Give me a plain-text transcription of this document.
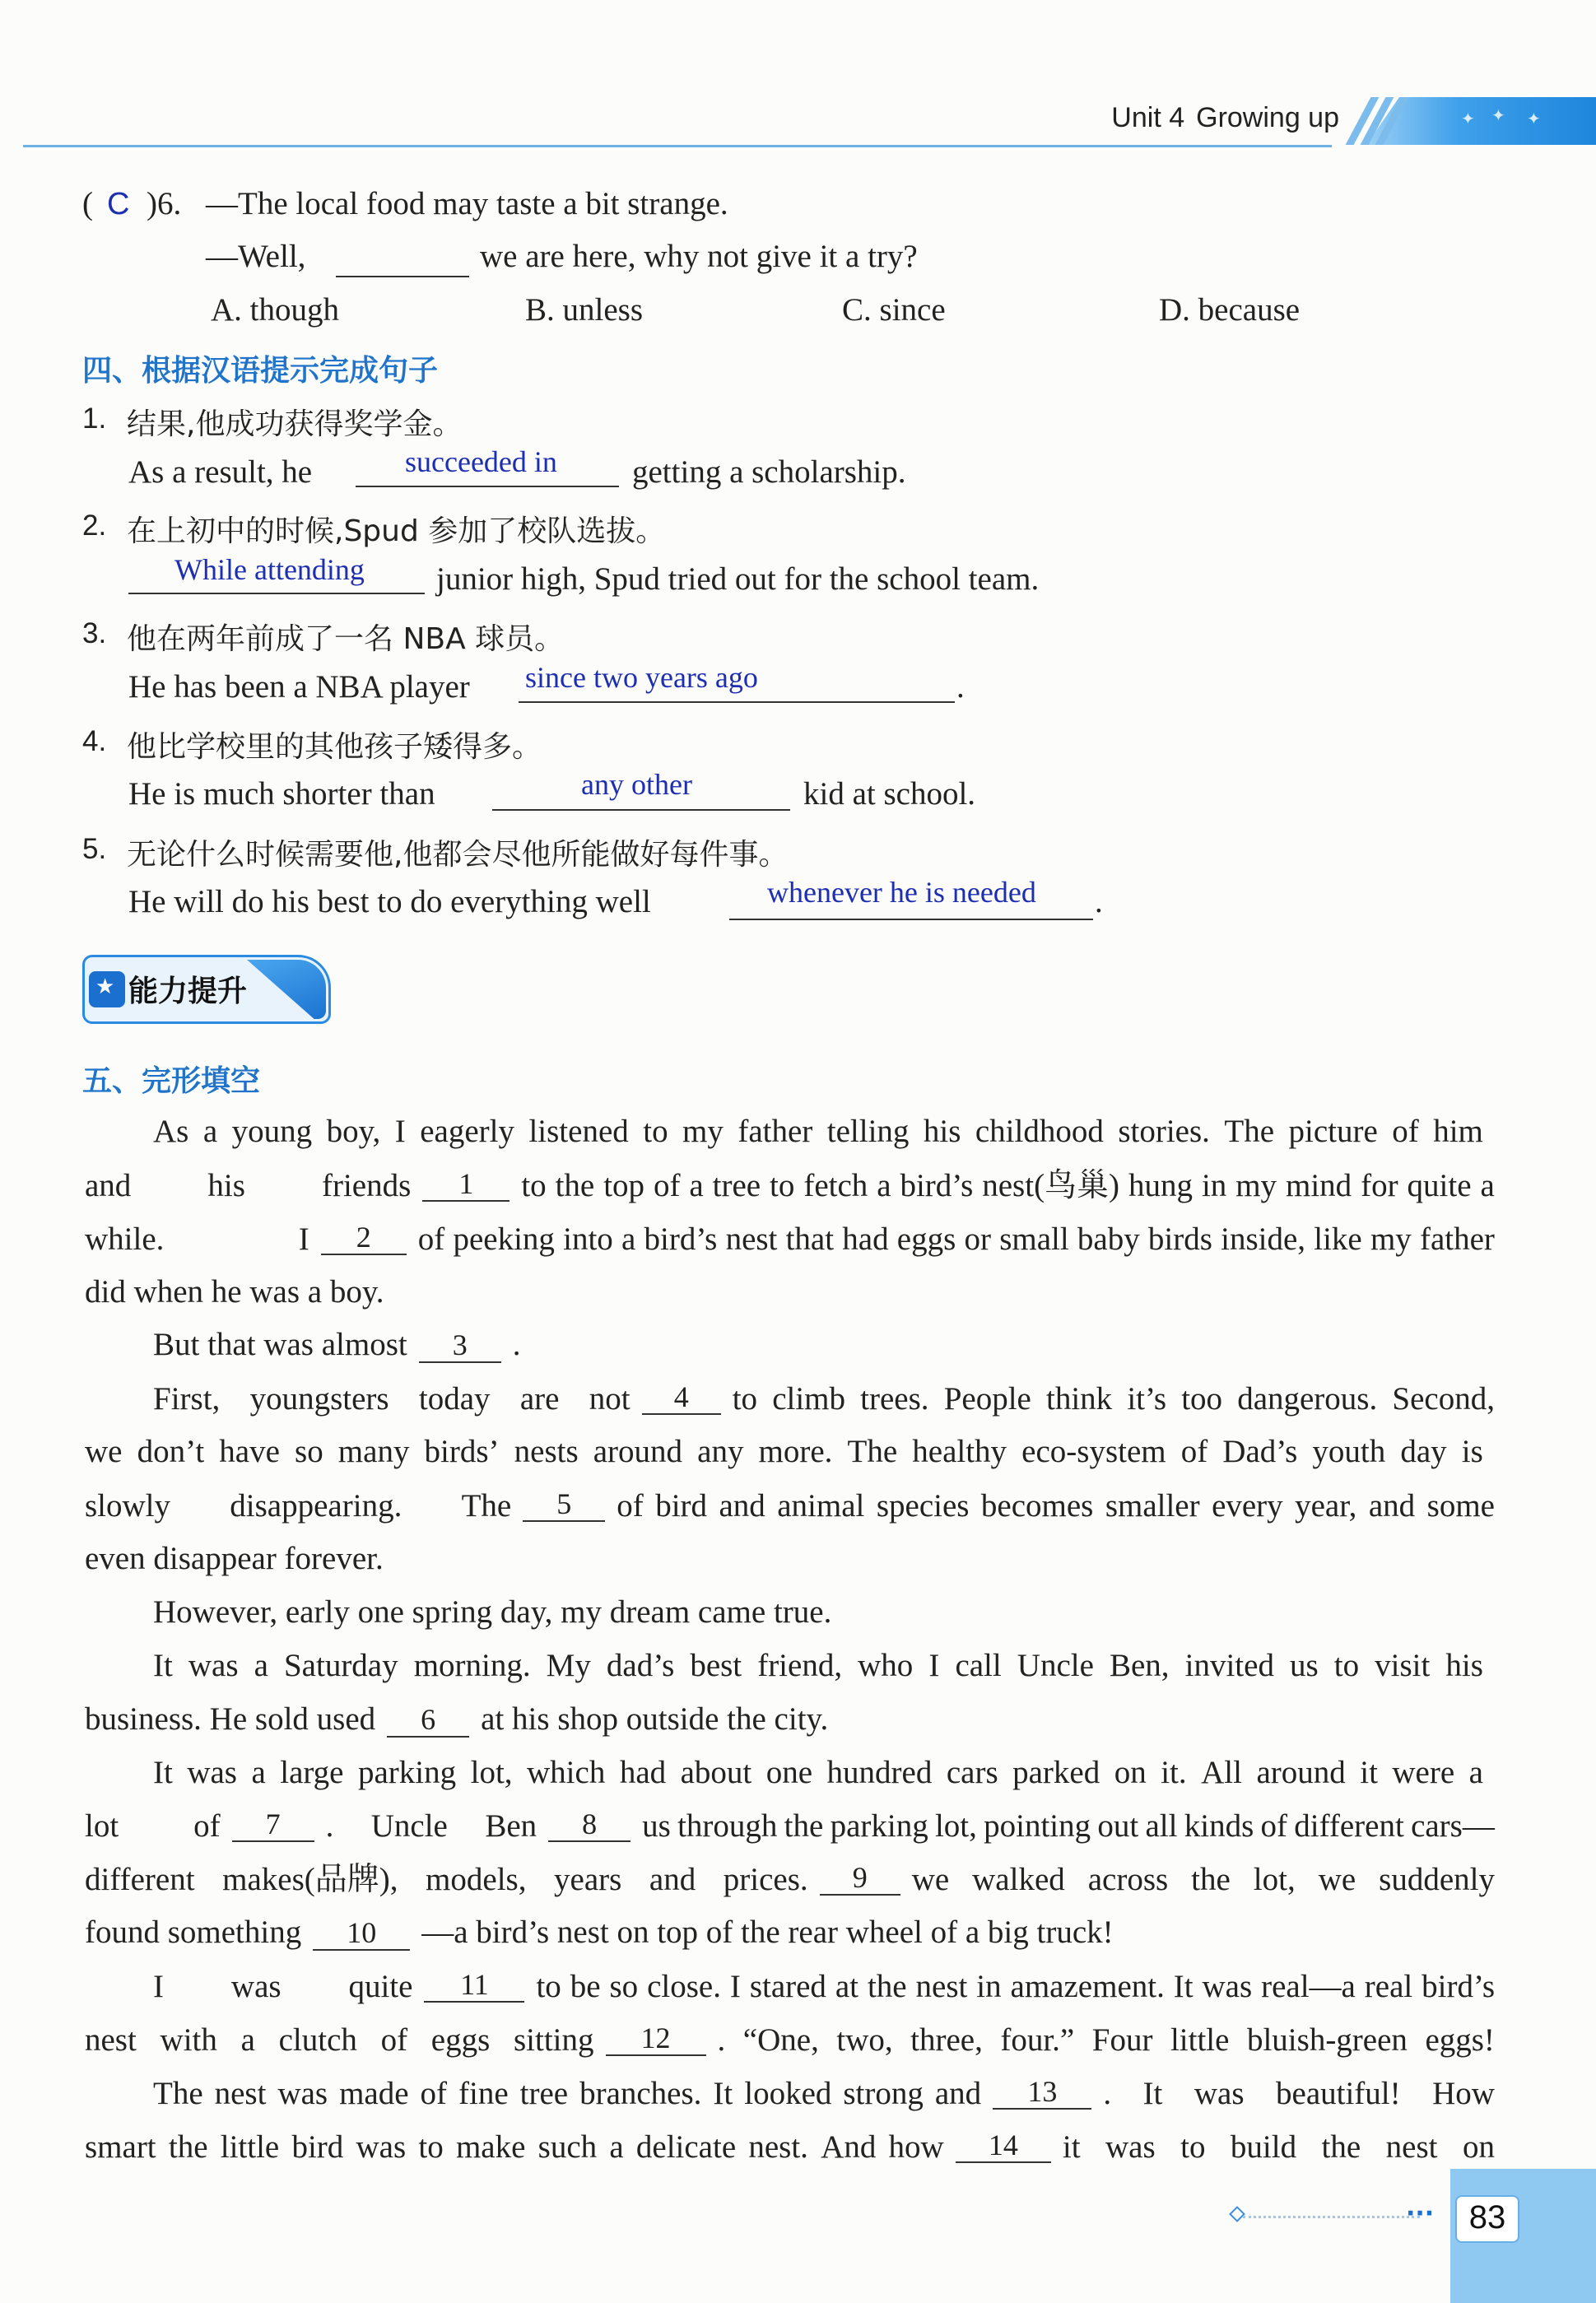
✦ ✦ ✦
Unit 4 Growing up
( C )6. —The local food may taste a bit strange.
—Well,	we are here, why not give it a try?
A. though	B. unless	C. since	D. because
四、根据汉语提示完成句子
1. 结果,他成功获得奖学金。
As a result, he	succeeded in getting a scholarship.
2. 在上初中的时候,Spud 参加了校队选拔。
While attending junior high, Spud tried out for the school team.
3. 他在两年前成了一名 NBA 球员。
He has been a NBA player since two years ago	.
4. 他比学校里的其他孩子矮得多。
He is much shorter than	any other	kid at school.
5. 无论什么时候需要他,他都会尽他所能做好每件事。
He will do his best to do everything well	whenever he is needed .
★ 能力提升
五、完形填空
As a young boy, I eagerly listened to my father telling his childhood stories. The picture of him
and his friends	1	to the top of a tree to fetch a bird’s nest(鸟巢) hung in my mind for quite a
while.	I	2	of peeking into a bird’s nest that had eggs or small baby birds inside, like my father
did when he was a boy.
But that was almost 3 .
First, youngsters today are not	4	to climb trees. People think it’s too dangerous. Second,
we don’t have so many birds’ nests around any more. The healthy eco-system of Dad’s youth day is
slowly disappearing. The	5	of bird and animal species becomes smaller every year, and some
even disappear forever.
However, early one spring day, my dream came true.
It was a Saturday morning. My dad’s best friend, who I call Uncle Ben, invited us to visit his
business. He sold used 6 at his shop outside the city.
It was a large parking lot, which had about one hundred cars parked on it. All around it were a
lot of	7	. Uncle Ben	8	us through the parking lot, pointing out all kinds of different cars—
different makes(品牌), models, years and prices.	9	we walked across the lot, we suddenly
found something 10 —a bird’s nest on top of the rear wheel of a big truck!
I was quite	11	to be so close. I stared at the nest in amazement. It was real—a real bird’s
nest with a clutch of eggs sitting	12	. “One, two, three, four.” Four little bluish-green eggs!
The nest was made of fine tree branches. It looked strong and	13	. It was beautiful! How
smart the little bird was to make such a delicate nest. And how	14	it was to build the nest on
83
···
